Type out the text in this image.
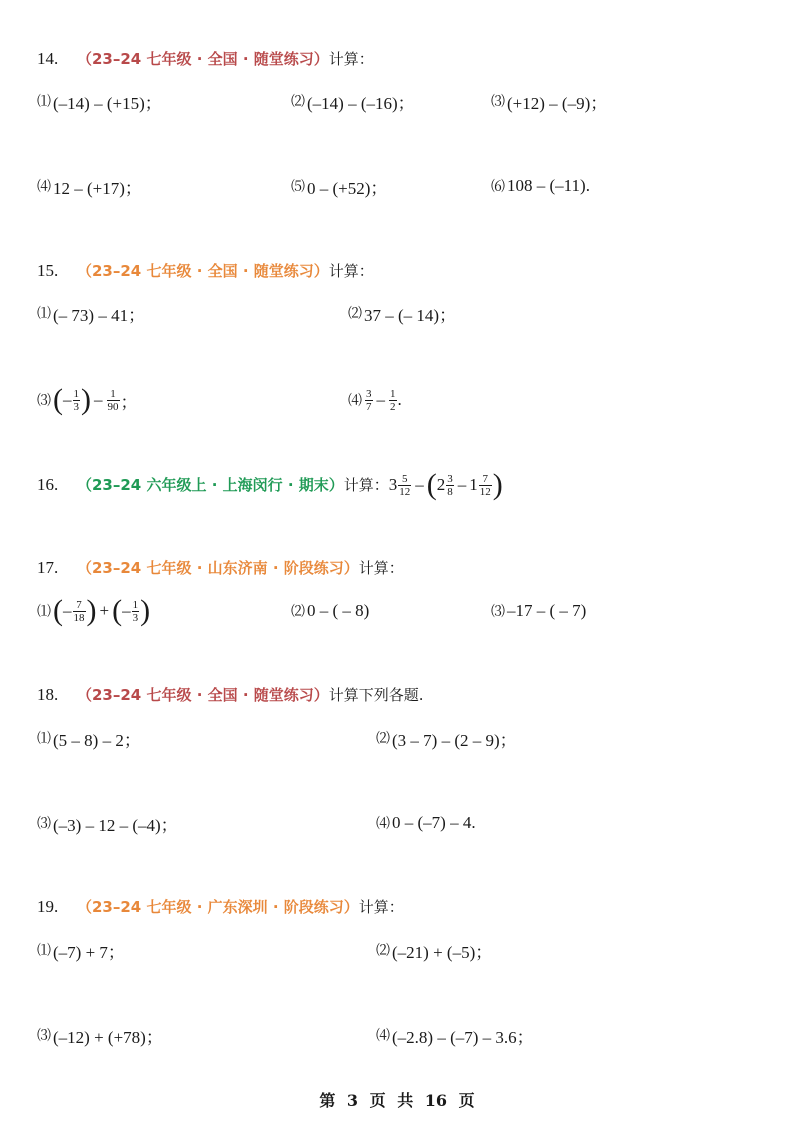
14. （23–24 七年级 · 全国 · 随堂练习）计算：
⑴ (–14) – (+15)；	⑵ (–14) – (–16)；	⑶ (+12) – (–9)；
⑷ 12 – (+17)；	⑸ 0 – (+52)；	⑹ 108 – (–11).
15. （23–24 七年级 · 全国 · 随堂练习）计算：
⑴ (– 73) – 41；	⑵ 37 – (– 14)；
⑶ ( – $\frac{1}{3}$ ) – $\frac{1}{90}$ ；	⑷ $\frac{3}{7} - \frac{1}{2}$ .
16.	（23–24 六年级上 · 上海闵行 · 期末） 计算： $3 \frac{5}{12}$ – ( $2 \frac{3}{8} - 1 \frac{7}{12}$ )
17. （23–24 七年级 · 山东济南 · 阶段练习）计算：
⑴ ( – $\frac{7}{18}$ ) + ( – $\frac{1}{3}$ )	⑵ 0 – ( – 8)	⑶ –17 – ( – 7)
18. （23–24 七年级 · 全国 · 随堂练习）计算下列各题.
⑴ (5 – 8) – 2；	⑵ (3 – 7) – (2 – 9)；
⑶ (–3) – 12 – (–4)；	⑷ 0 – (–7) – 4.
19. （23–24 七年级 · 广东深圳 · 阶段练习）计算：
⑴ (–7) + 7；	⑵ (–21) + (–5)；
⑶ (–12) + (+78)；	⑷ (–2.8) – (–7) – 3.6；
第 3 页 共 16 页
